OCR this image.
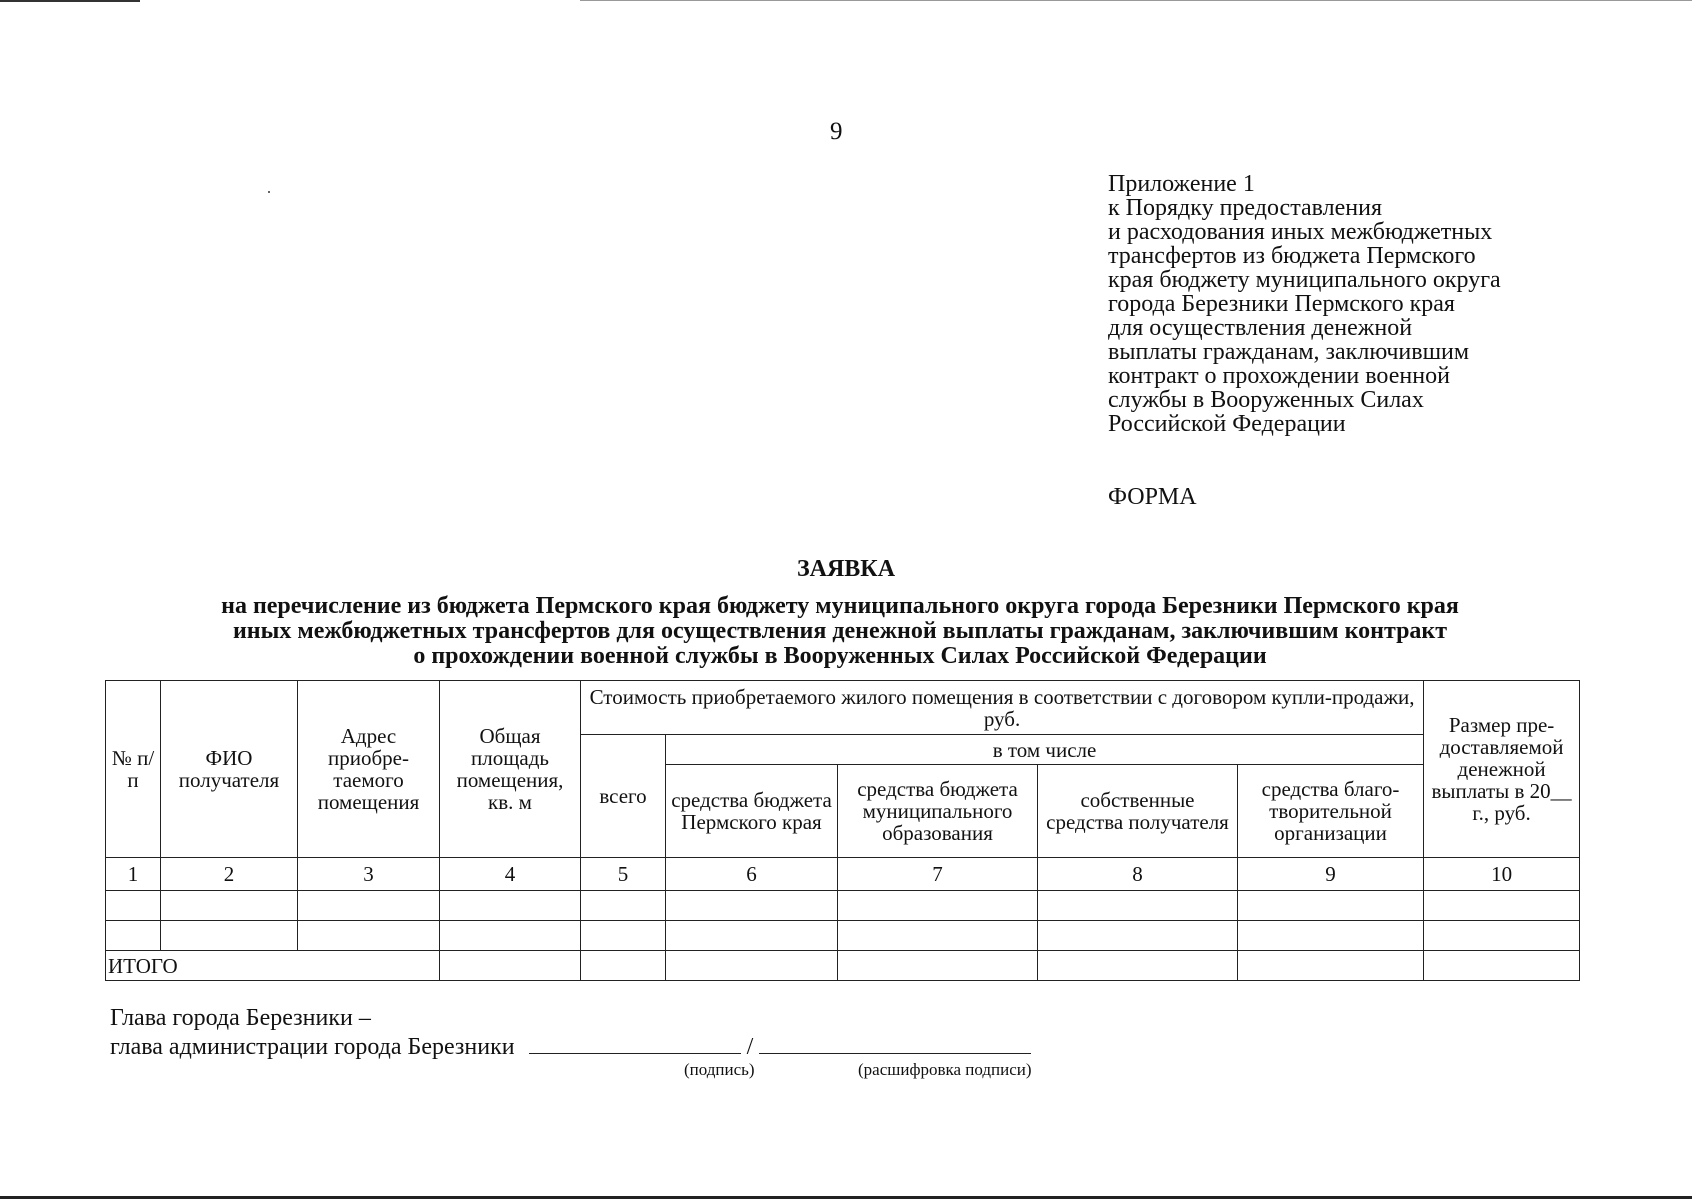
9
Приложение 1
к Порядку предоставления
и расходования иных межбюджетных
трансфертов из бюджета Пермского
края бюджету муниципального округа
города Березники Пермского края
для осуществления денежной
выплаты гражданам, заключившим
контракт о прохождении военной
службы в Вооруженных Силах
Российской Федерации
ФОРМА
ЗАЯВКА
на перечисление из бюджета Пермского края бюджету муниципального округа города Березники Пермского края
иных межбюджетных трансфертов для осуществления денежной выплаты гражданам, заключившим контракт
о прохождении военной службы в Вооруженных Силах Российской Федерации
№ п/п	ФИО получателя	Адрес приобре-таемого помещения	Общая площадь помещения, кв. м	Стоимость приобретаемого жилого помещения в соответствии с договором купли-продажи, руб.					Размер пре-доставляемой денежной выплаты в 20__ г., руб.
				всего	в том числе				
					средства бюджета Пермского края	средства бюджета муниципального образования	собственные средства получателя	средства благо-творительной организации	
1	2	3	4	5	6	7	8	9	10

ИТОГО									
Глава города Березники –
глава администрации города Березники	/
(подпись)	(расшифровка подписи)
